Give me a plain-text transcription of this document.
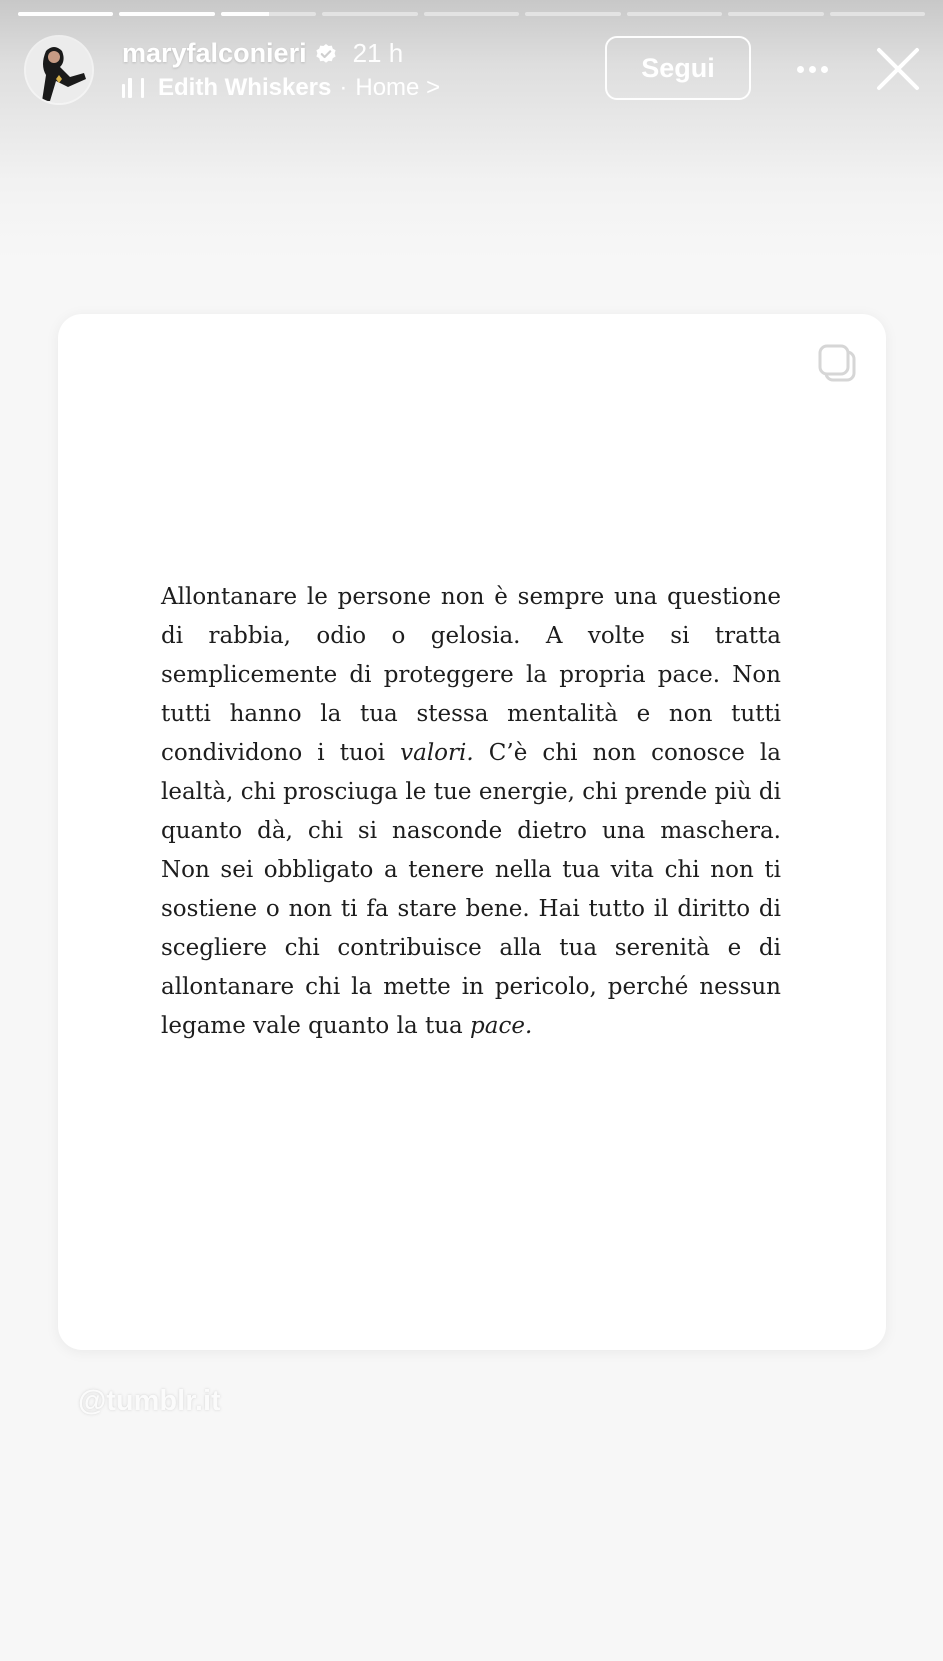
maryfalconieri 21 h
Edith Whiskers · Home >
Segui

Allontanare le persone non è sempre una questione di rabbia, odio o gelosia. A volte si tratta semplicemente di proteggere la propria pace. Non tutti hanno la tua stessa mentalità e non tutti condividono i tuoi valori. C’è chi non conosce la lealtà, chi prosciuga le tue energie, chi prende più di quanto dà, chi si nasconde dietro una maschera. Non sei obbligato a tenere nella tua vita chi non ti sostiene o non ti fa stare bene. Hai tutto il diritto di scegliere chi contribuisce alla tua serenità e di allontanare chi la mette in pericolo, perché nessun legame vale quanto la tua pace.

@tumblr.it
